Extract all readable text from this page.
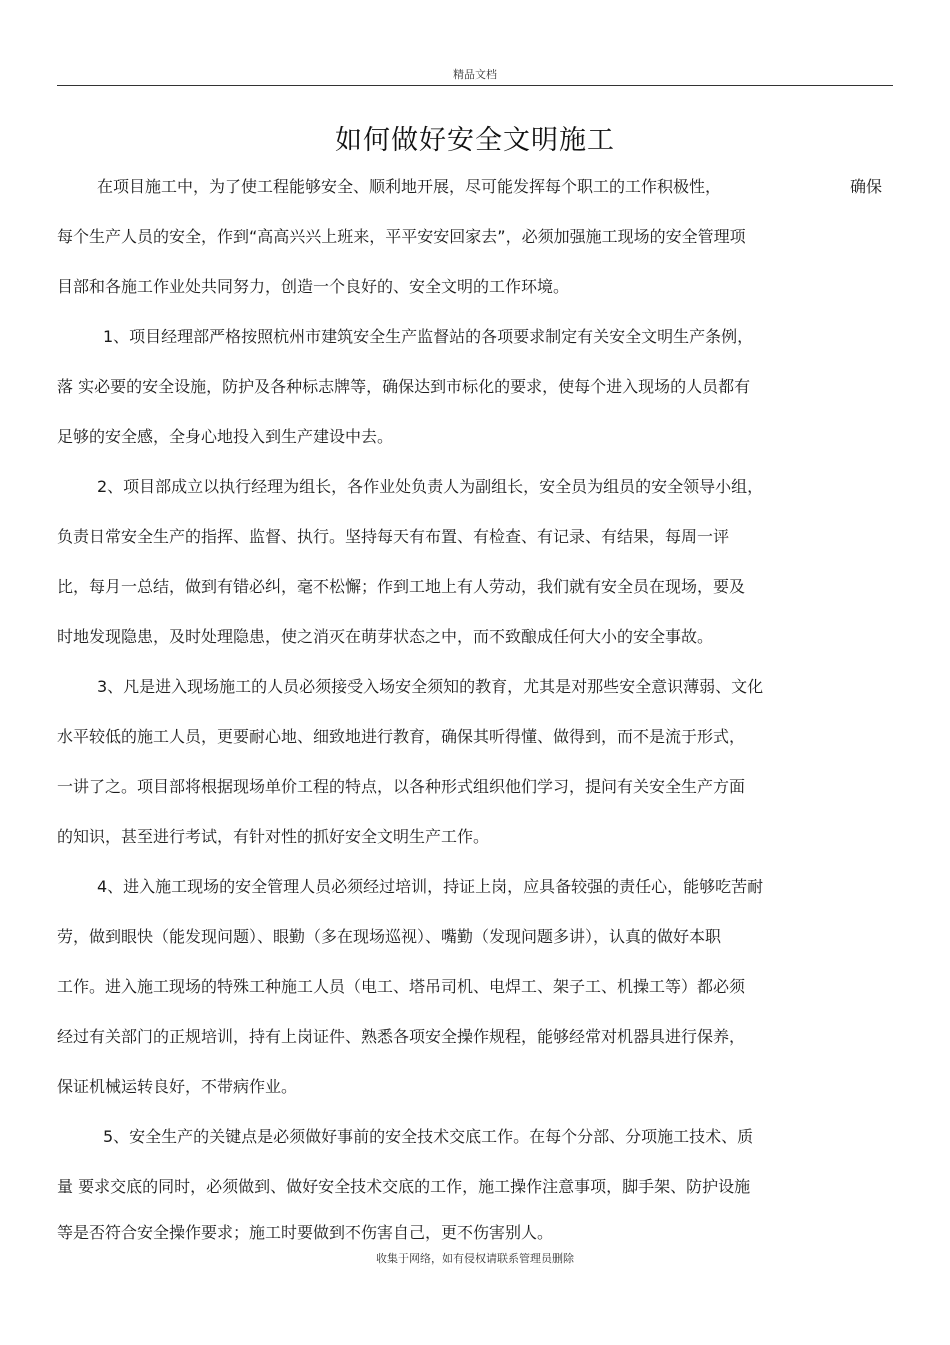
精品文档
如何做好安全文明施工
在项目施工中，为了使工程能够安全、顺利地开展，尽可能发挥每个职工的工作积极性，	确保
每个生产人员的安全，作到“高高兴兴上班来，平平安安回家去”，必须加强施工现场的安全管理项
目部和各施工作业处共同努力，创造一个良好的、安全文明的工作环境。
1、项目经理部严格按照杭州市建筑安全生产监督站的各项要求制定有关安全文明生产条例，
落 实必要的安全设施，防护及各种标志牌等，确保达到市标化的要求，使每个进入现场的人员都有
足够的安全感，全身心地投入到生产建设中去。
2、项目部成立以执行经理为组长，各作业处负责人为副组长，安全员为组员的安全领导小组，
负责日常安全生产的指挥、监督、执行。坚持每天有布置、有检查、有记录、有结果，每周一评
比，每月一总结，做到有错必纠，毫不松懈；作到工地上有人劳动，我们就有安全员在现场，要及
时地发现隐患，及时处理隐患，使之消灭在萌芽状态之中，而不致酿成任何大小的安全事故。
3、凡是进入现场施工的人员必须接受入场安全须知的教育，尤其是对那些安全意识薄弱、文化
水平较低的施工人员，更要耐心地、细致地进行教育，确保其听得懂、做得到，而不是流于形式，
一讲了之。项目部将根据现场单价工程的特点，以各种形式组织他们学习，提问有关安全生产方面
的知识，甚至进行考试，有针对性的抓好安全文明生产工作。
4、进入施工现场的安全管理人员必须经过培训，持证上岗，应具备较强的责任心，能够吃苦耐
劳，做到眼快（能发现问题）、眼勤（多在现场巡视）、嘴勤（发现问题多讲），认真的做好本职
工作。进入施工现场的特殊工种施工人员（电工、塔吊司机、电焊工、架子工、机操工等）都必须
经过有关部门的正规培训，持有上岗证件、熟悉各项安全操作规程，能够经常对机器具进行保养，
保证机械运转良好，不带病作业。
5、安全生产的关键点是必须做好事前的安全技术交底工作。在每个分部、分项施工技术、质
量 要求交底的同时，必须做到、做好安全技术交底的工作，施工操作注意事项，脚手架、防护设施
等是否符合安全操作要求；施工时要做到不伤害自己，更不伤害别人。
收集于网络，如有侵权请联系管理员删除
